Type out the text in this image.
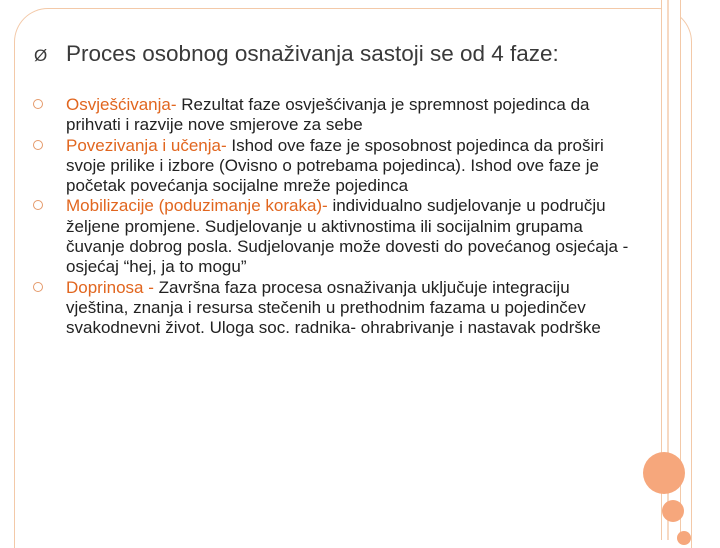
Ø Proces osobnog osnaživanja sastoji se od 4 faze:

Osvješćivanja- Rezultat faze osvješćivanja je spremnost pojedinca da prihvati i razvije nove smjerove za sebe

Povezivanja i učenja- Ishod ove faze je sposobnost pojedinca da proširi svoje prilike i izbore (Ovisno o potrebama pojedinca). Ishod ove faze je početak povećanja socijalne mreže pojedinca

Mobilizacije (poduzimanje koraka)- individualno sudjelovanje u području željene promjene. Sudjelovanje u aktivnostima ili socijalnim grupama čuvanje dobrog posla. Sudjelovanje može dovesti do povećanog osjećaja - osjećaj “hej, ja to mogu”

Doprinosa - Završna faza procesa osnaživanja uključuje integraciju vještina, znanja i resursa stečenih u prethodnim fazama u pojedinčev svakodnevni život. Uloga soc. radnika- ohrabrivanje i nastavak podrške
